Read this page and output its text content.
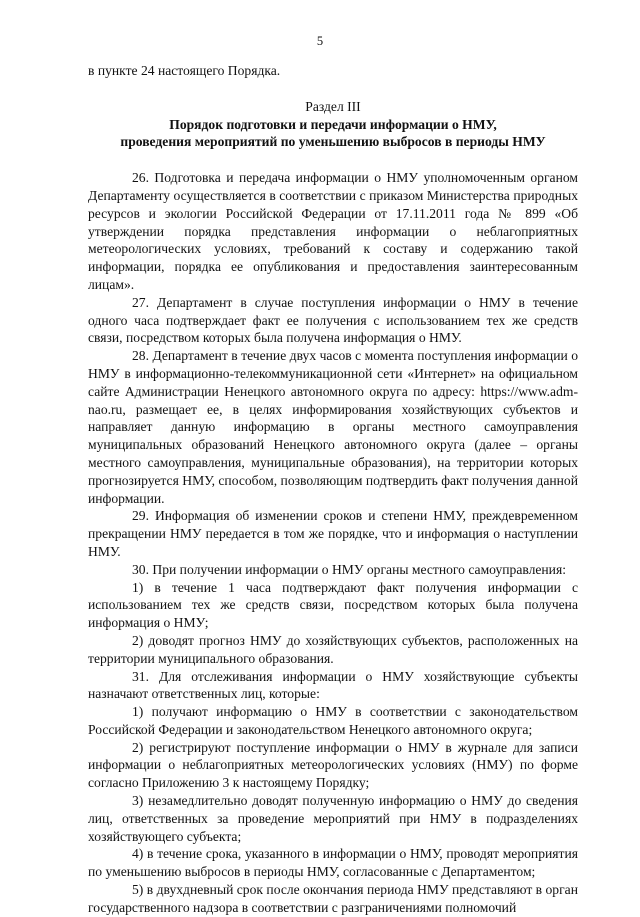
5

в пункте 24 настоящего Порядка.

Раздел III

Порядок подготовки и передачи информации о НМУ,
проведения мероприятий по уменьшению выбросов в периоды НМУ

26. Подготовка и передача информации о НМУ уполномоченным органом Департаменту осуществляется в соответствии с приказом Министерства природных ресурсов и экологии Российской Федерации от 17.11.2011 года № 899 «Об утверждении порядка представления информации о неблагоприятных метеорологических условиях, требований к составу и содержанию такой информации, порядка ее опубликования и предоставления заинтересованным лицам».

27. Департамент в случае поступления информации о НМУ в течение одного часа подтверждает факт ее получения с использованием тех же средств связи, посредством которых была получена информация о НМУ.

28. Департамент в течение двух часов с момента поступления информации о НМУ в информационно-телекоммуникационной сети «Интернет» на официальном сайте Администрации Ненецкого автономного округа по адресу: https://www.adm-nao.ru, размещает ее, в целях информирования хозяйствующих субъектов и направляет данную информацию в органы местного самоуправления муниципальных образований Ненецкого автономного округа (далее – органы местного самоуправления, муниципальные образования), на территории которых прогнозируется НМУ, способом, позволяющим подтвердить факт получения данной информации.

29. Информация об изменении сроков и степени НМУ, преждевременном прекращении НМУ передается в том же порядке, что и информация о наступлении НМУ.

30. При получении информации о НМУ органы местного самоуправления:

1) в течение 1 часа подтверждают факт получения информации с использованием тех же средств связи, посредством которых была получена информация о НМУ;

2) доводят прогноз НМУ до хозяйствующих субъектов, расположенных на территории муниципального образования.

31. Для отслеживания информации о НМУ хозяйствующие субъекты назначают ответственных лиц, которые:

1) получают информацию о НМУ в соответствии с законодательством Российской Федерации и законодательством Ненецкого автономного округа;

2) регистрируют поступление информации о НМУ в журнале для записи информации о неблагоприятных метеорологических условиях (НМУ) по форме согласно Приложению 3 к настоящему Порядку;

3) незамедлительно доводят полученную информацию о НМУ до сведения лиц, ответственных за проведение мероприятий при НМУ в подразделениях хозяйствующего субъекта;

4) в течение срока, указанного в информации о НМУ, проводят мероприятия по уменьшению выбросов в периоды НМУ, согласованные с Департаментом;

5) в двухдневный срок после окончания периода НМУ представляют в орган государственного надзора в соответствии с разграничениями полномочий
